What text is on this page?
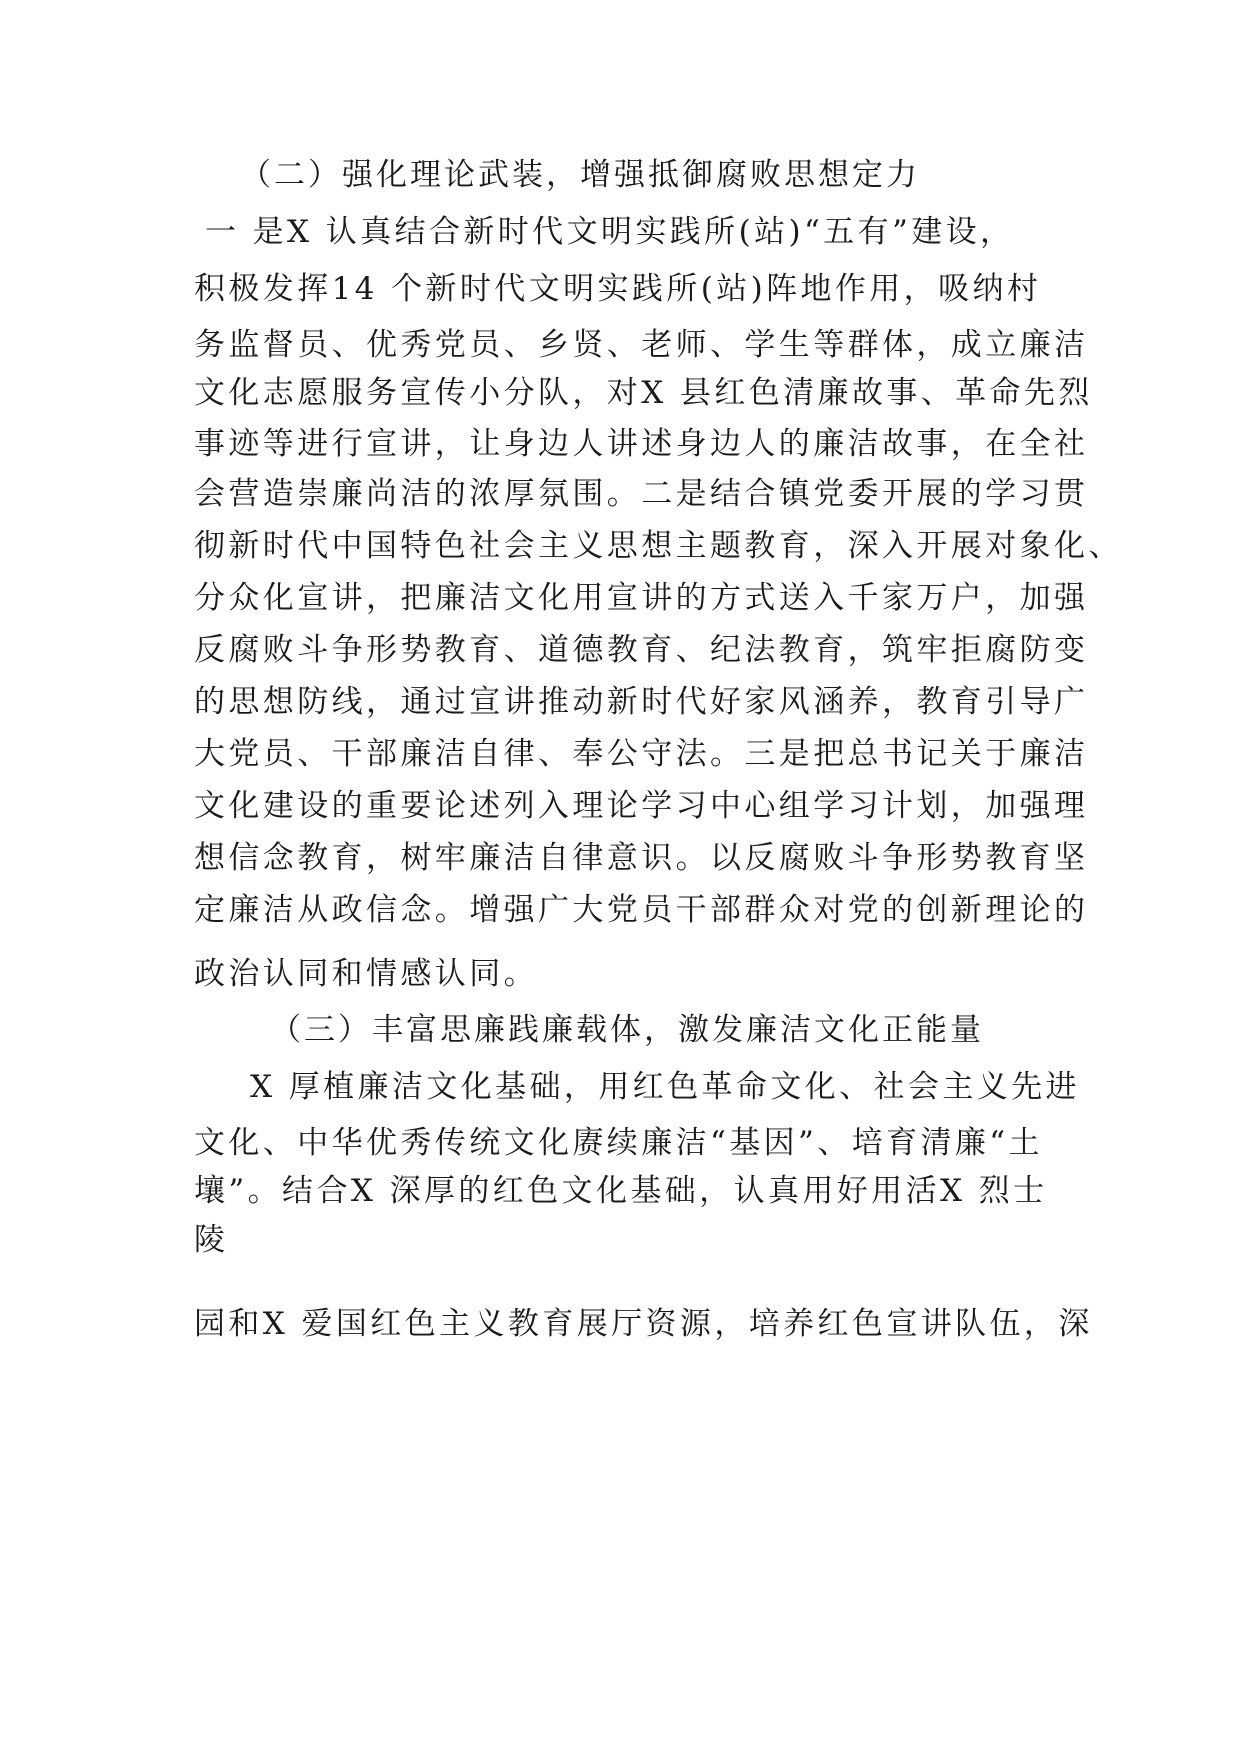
（二）强化理论武装，增强抵御腐败思想定力

一 是X 认真结合新时代文明实践所(站)“五有”建设，

积极发挥14 个新时代文明实践所(站)阵地作用，吸纳村

务监督员、优秀党员、乡贤、老师、学生等群体，成立廉洁

文化志愿服务宣传小分队，对X 县红色清廉故事、革命先烈

事迹等进行宣讲，让身边人讲述身边人的廉洁故事，在全社

会营造崇廉尚洁的浓厚氛围。二是结合镇党委开展的学习贯

彻新时代中国特色社会主义思想主题教育，深入开展对象化、

分众化宣讲，把廉洁文化用宣讲的方式送入千家万户，加强

反腐败斗争形势教育、道德教育、纪法教育，筑牢拒腐防变

的思想防线，通过宣讲推动新时代好家风涵养，教育引导广

大党员、干部廉洁自律、奉公守法。三是把总书记关于廉洁

文化建设的重要论述列入理论学习中心组学习计划，加强理

想信念教育，树牢廉洁自律意识。以反腐败斗争形势教育坚

定廉洁从政信念。增强广大党员干部群众对党的创新理论的

政治认同和情感认同。

（三）丰富思廉践廉载体，激发廉洁文化正能量

X 厚植廉洁文化基础，用红色革命文化、社会主义先进

文化、中华优秀传统文化赓续廉洁“基因”、培育清廉“土

壤”。结合X 深厚的红色文化基础，认真用好用活X 烈士

陵

园和X 爱国红色主义教育展厅资源，培养红色宣讲队伍，深
